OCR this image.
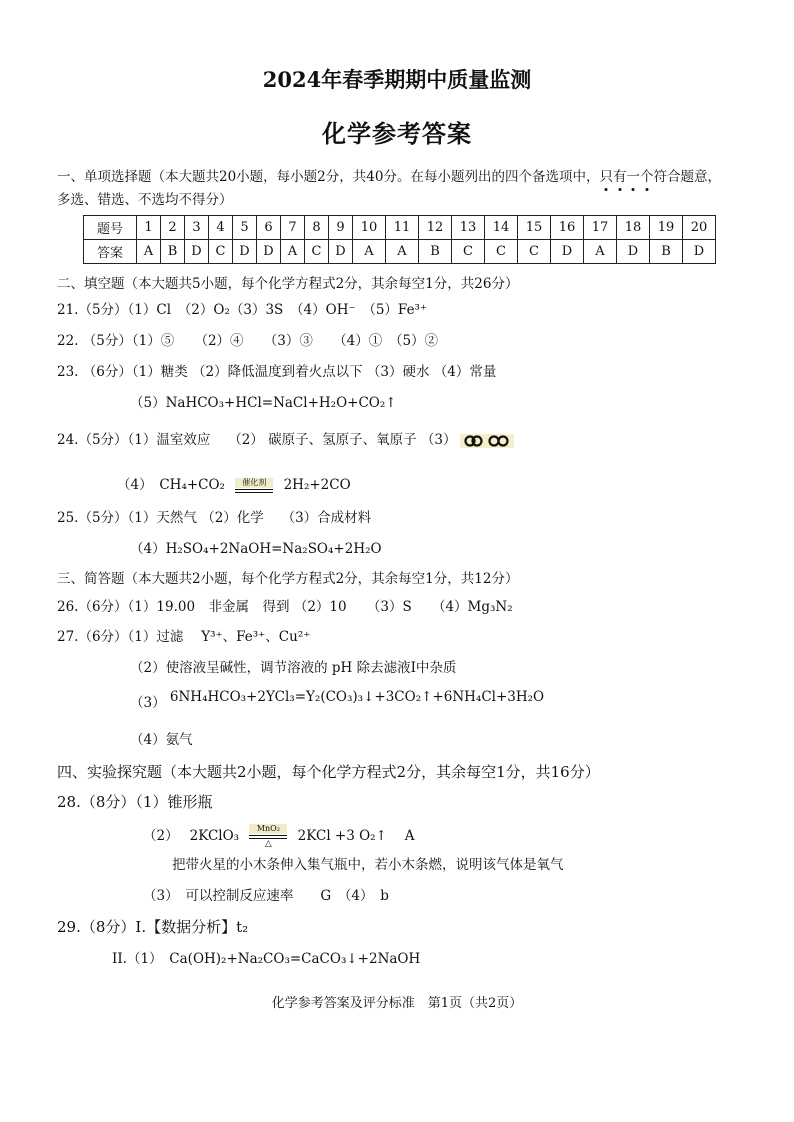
2024年春季期期中质量监测
化学参考答案
一、单项选择题（本大题共20小题，每小题2分，共40分。在每小题列出的四个备选项中，只
有
一
个
符合题意，
多选、错选、不选均不得分）
题号	1	2	3	4	5	6	7	8	9	10	11	12	13	14	15	16	17	18	19	20
答案	A	B	D	C	D	D	A	C	D	A	A	B	C	C	C	D	A	D	B	D
二、填空题（本大题共5小题，每个化学方程式2分，其余每空1分，共26分）
21.（5分）（1）Cl　（2）O₂（3）3S　（4）OH⁻　（5）Fe³⁺
22. （5分）（1）⑤　　（2）④　　（3）③　　（4）①　（5）②
23. （6分）（1）糖类 （2）降低温度到着火点以下 （3）硬水 （4）常量
（5）NaHCO₃+HCl=NaCl+H₂O+CO₂↑
24.（5分）（1）温室效应　 （2） 碳原子、氢原子、氧原子 （3）
（4）　CH₄+CO₂	催化剂	2H₂+2CO
25.（5分）（1）天然气 （2）化学　 （3）合成材料
（4）H₂SO₄+2NaOH=Na₂SO₄+2H₂O
三、简答题（本大题共2小题，每个化学方程式2分，其余每空1分，共12分）
26.（6分）（1）19.00　非金属　得到 （2）10　　（3）S　　（4）Mg₃N₂
27.（6分）（1）过滤　 Y³⁺、Fe³⁺、Cu²⁺
（2）使溶液呈碱性，调节溶液的 pH 除去滤液I中杂质
（3） 6NH₄HCO₃+2YCl₃=Y₂(CO₃)₃↓+3CO₂↑+6NH₄Cl+3H₂O
（4）氨气
四、实验探究题（本大题共2小题，每个化学方程式2分，其余每空1分，共16分）
28.（8分）（1）锥形瓶
（2）　 2KClO₃	MnO₂
△	2KCl +3 O₂↑　 A
把带火星的小木条伸入集气瓶中，若小木条燃，说明该气体是氧气
（3）　可以控制反应速率　　G　（4）　b
29.（8分）I.【数据分析】t₂
II.（1）　Ca(OH)₂+Na₂CO₃=CaCO₃↓+2NaOH
化学参考答案及评分标准　第1页（共2页）
